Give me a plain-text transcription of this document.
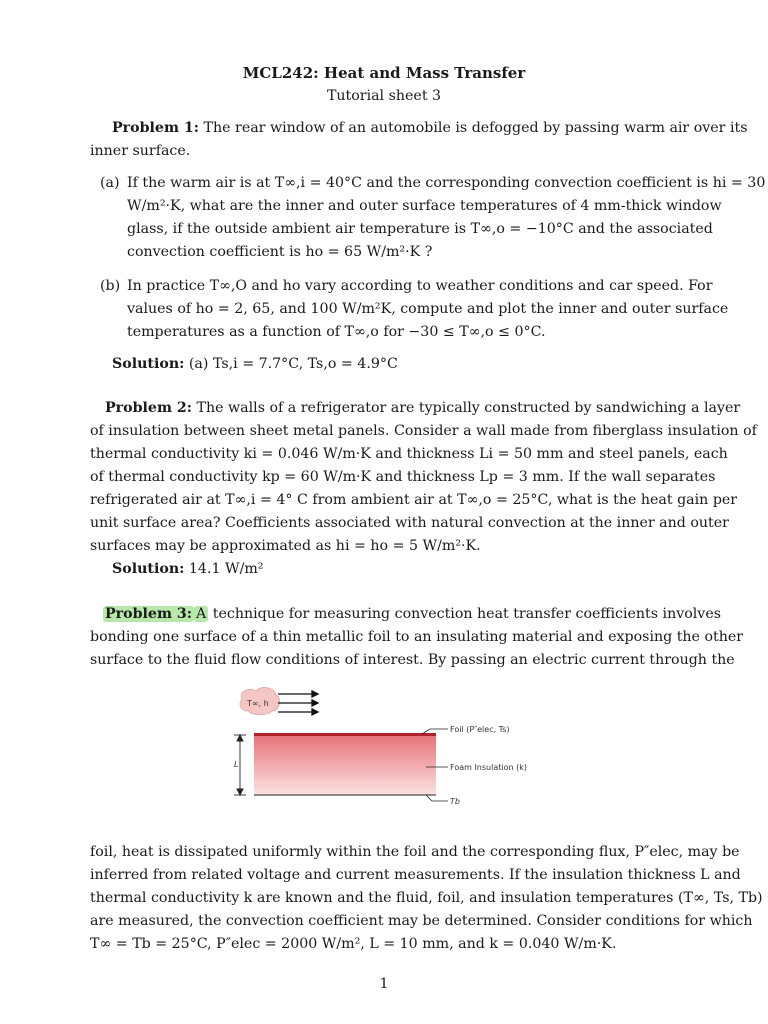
MCL242: Heat and Mass Transfer
Tutorial sheet 3
Problem 1: The rear window of an automobile is defogged by passing warm air over its
inner surface.
(a) If the warm air is at T∞,i = 40°C and the corresponding convection coefficient is hi = 30
W/m²·K, what are the inner and outer surface temperatures of 4 mm-thick window
glass, if the outside ambient air temperature is T∞,o = −10°C and the associated
convection coefficient is ho = 65 W/m²·K ?
(b) In practice T∞,O and ho vary according to weather conditions and car speed. For
values of ho = 2, 65, and 100 W/m²K, compute and plot the inner and outer surface
temperatures as a function of T∞,o for −30 ≤ T∞,o ≤ 0°C.
Solution: (a) Ts,i = 7.7°C, Ts,o = 4.9°C
Problem 2: The walls of a refrigerator are typically constructed by sandwiching a layer
of insulation between sheet metal panels. Consider a wall made from fiberglass insulation of
thermal conductivity ki = 0.046 W/m·K and thickness Li = 50 mm and steel panels, each
of thermal conductivity kp = 60 W/m·K and thickness Lp = 3 mm. If the wall separates
refrigerated air at T∞,i = 4° C from ambient air at T∞,o = 25°C, what is the heat gain per
unit surface area? Coefficients associated with natural convection at the inner and outer
surfaces may be approximated as hi = ho = 5 W/m²·K.
Solution: 14.1 W/m²
Problem 3: A technique for measuring convection heat transfer coefficients involves
bonding one surface of a thin metallic foil to an insulating material and exposing the other
surface to the fluid flow conditions of interest. By passing an electric current through the
T∞, h
L
Foil (P″elec, Ts)
Foam Insulation (k)
Tb
foil, heat is dissipated uniformly within the foil and the corresponding flux, P″elec, may be
inferred from related voltage and current measurements. If the insulation thickness L and
thermal conductivity k are known and the fluid, foil, and insulation temperatures (T∞, Ts, Tb)
are measured, the convection coefficient may be determined. Consider conditions for which
T∞ = Tb = 25°C, P″elec = 2000 W/m², L = 10 mm, and k = 0.040 W/m·K.
1
